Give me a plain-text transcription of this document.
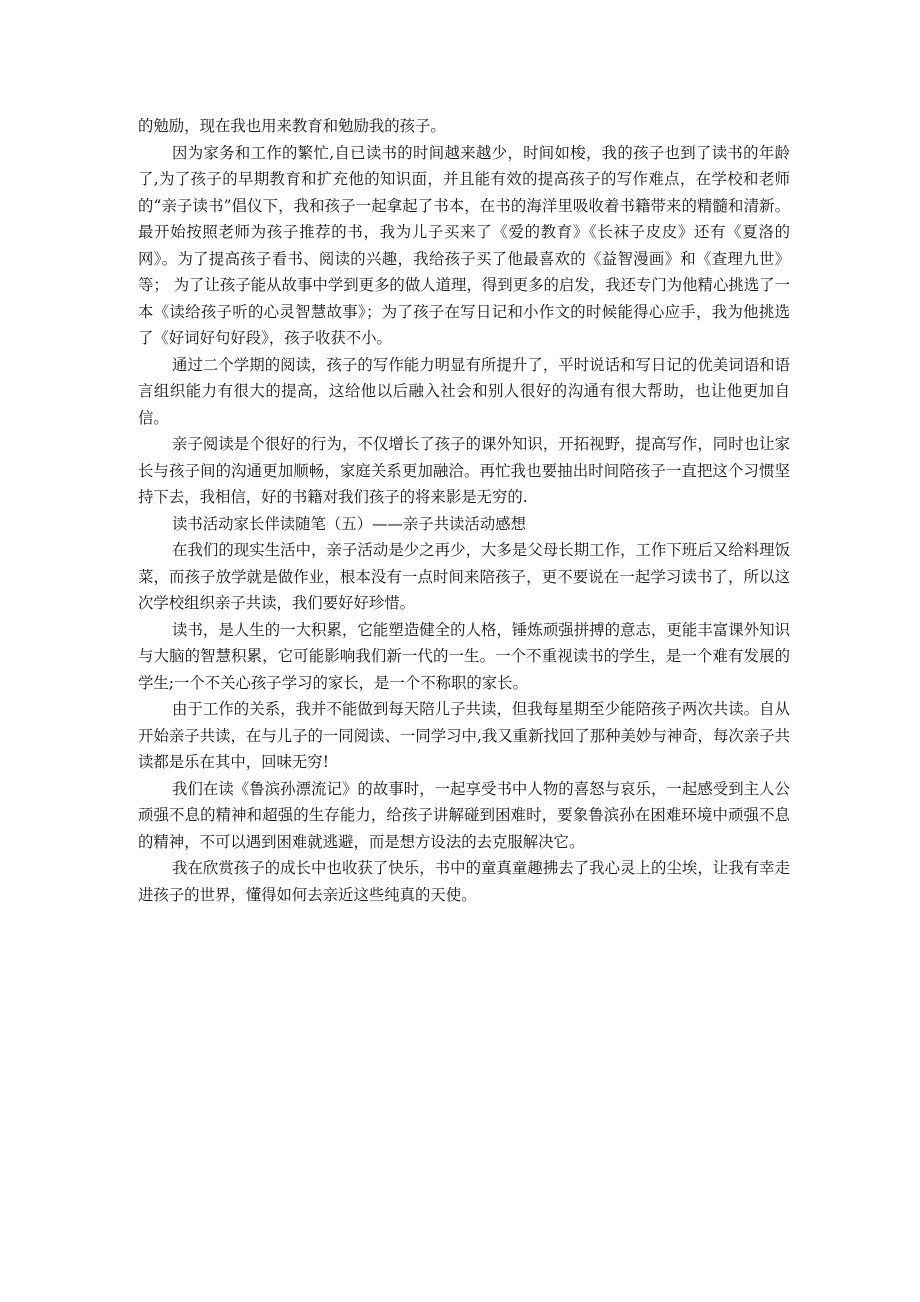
的勉励，现在我也用来教育和勉励我的孩子。

因为家务和工作的繁忙,自已读书的时间越来越少，时间如梭，我的孩子也到了读书的年龄了,为了孩子的早期教育和扩充他的知识面，并且能有效的提高孩子的写作难点，在学校和老师的“亲子读书”倡仪下，我和孩子一起拿起了书本，在书的海洋里吸收着书籍带来的精髓和清新。最开始按照老师为孩子推荐的书，我为儿子买来了《爱的教育》《长袜子皮皮》还有《夏洛的网》。为了提高孩子看书、阅读的兴趣，我给孩子买了他最喜欢的《益智漫画》和《查理九世》等； 为了让孩子能从故事中学到更多的做人道理，得到更多的启发，我还专门为他精心挑选了一本《读给孩子听的心灵智慧故事》；为了孩子在写日记和小作文的时候能得心应手，我为他挑选了《好词好句好段》，孩子收获不小。

通过二个学期的阅读，孩子的写作能力明显有所提升了，平时说话和写日记的优美词语和语言组织能力有很大的提高，这给他以后融入社会和别人很好的沟通有很大帮助，也让他更加自信。

亲子阅读是个很好的行为，不仅增长了孩子的课外知识，开拓视野，提高写作，同时也让家长与孩子间的沟通更加顺畅，家庭关系更加融洽。再忙我也要抽出时间陪孩子一直把这个习惯坚持下去，我相信，好的书籍对我们孩子的将来影是无穷的.

读书活动家长伴读随笔（五）——亲子共读活动感想

在我们的现实生活中，亲子活动是少之再少，大多是父母长期工作，工作下班后又给料理饭菜，而孩子放学就是做作业，根本没有一点时间来陪孩子，更不要说在一起学习读书了，所以这次学校组织亲子共读，我们要好好珍惜。

读书，是人生的一大积累，它能塑造健全的人格，锤炼顽强拼搏的意志，更能丰富课外知识与大脑的智慧积累，它可能影响我们新一代的一生。一个不重视读书的学生，是一个难有发展的学生;一个不关心孩子学习的家长，是一个不称职的家长。

由于工作的关系，我并不能做到每天陪儿子共读，但我每星期至少能陪孩子两次共读。自从开始亲子共读，在与儿子的一同阅读、一同学习中,我又重新找回了那种美妙与神奇，每次亲子共读都是乐在其中，回味无穷!

我们在读《鲁滨孙漂流记》的故事时，一起享受书中人物的喜怒与哀乐，一起感受到主人公顽强不息的精神和超强的生存能力，给孩子讲解碰到困难时，要象鲁滨孙在困难环境中顽强不息的精神，不可以遇到困难就逃避，而是想方设法的去克服解决它。

我在欣赏孩子的成长中也收获了快乐，书中的童真童趣拂去了我心灵上的尘埃，让我有幸走进孩子的世界，懂得如何去亲近这些纯真的天使。
